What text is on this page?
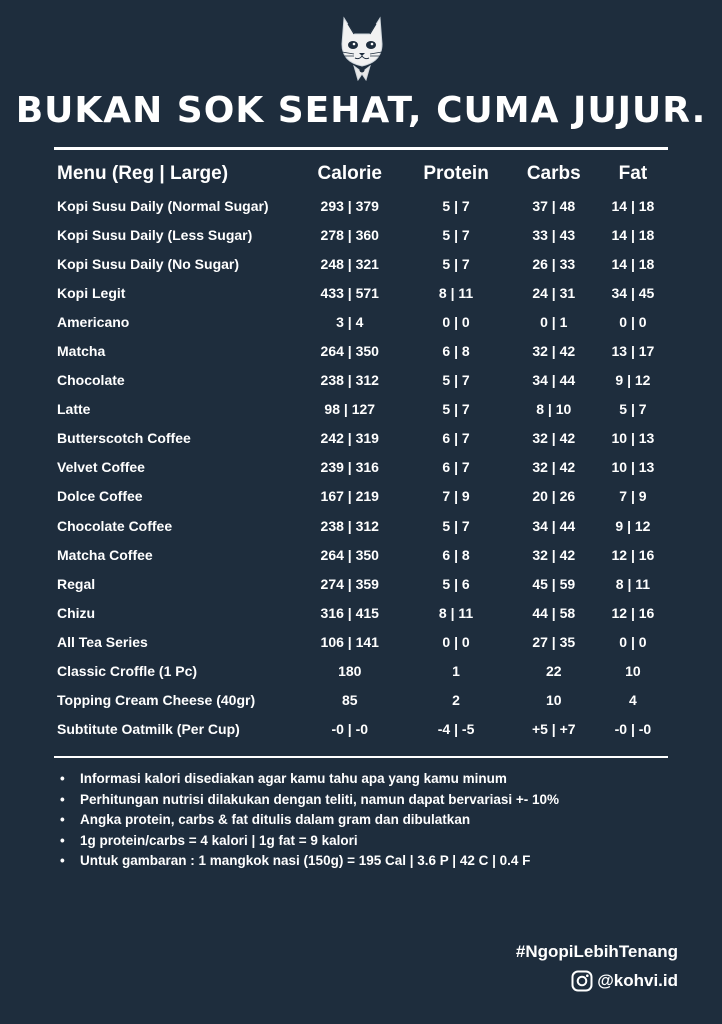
BUKAN SOK SEHAT, CUMA JUJUR.
Menu (Reg | Large)	Calorie	Protein	Carbs	Fat
Kopi Susu Daily (Normal Sugar)	293 | 379	5 | 7	37 | 48	14 | 18
Kopi Susu Daily (Less Sugar)	278 | 360	5 | 7	33 | 43	14 | 18
Kopi Susu Daily (No Sugar)	248 | 321	5 | 7	26 | 33	14 | 18
Kopi Legit	433 | 571	8 | 11	24 | 31	34 | 45
Americano	3 | 4	0 | 0	0 | 1	0 | 0
Matcha	264 | 350	6 | 8	32 | 42	13 | 17
Chocolate	238 | 312	5 | 7	34 | 44	9 | 12
Latte	98 | 127	5 | 7	8 | 10	5 | 7
Butterscotch Coffee	242 | 319	6 | 7	32 | 42	10 | 13
Velvet Coffee	239 | 316	6 | 7	32 | 42	10 | 13
Dolce Coffee	167 | 219	7 | 9	20 | 26	7 | 9
Chocolate Coffee	238 | 312	5 | 7	34 | 44	9 | 12
Matcha Coffee	264 | 350	6 | 8	32 | 42	12 | 16
Regal	274 | 359	5 | 6	45 | 59	8 | 11
Chizu	316 | 415	8 | 11	44 | 58	12 | 16
All Tea Series	106 | 141	0 | 0	27 | 35	0 | 0
Classic Croffle (1 Pc)	180	1	22	10
Topping Cream Cheese (40gr)	85	2	10	4
Subtitute Oatmilk (Per Cup)	-0 | -0	-4 | -5	+5 | +7	-0 | -0
• Informasi kalori disediakan agar kamu tahu apa yang kamu minum
• Perhitungan nutrisi dilakukan dengan teliti, namun dapat bervariasi +- 10%
• Angka protein, carbs & fat ditulis dalam gram dan dibulatkan
• 1g protein/carbs = 4 kalori | 1g fat = 9 kalori
• Untuk gambaran : 1 mangkok nasi (150g) = 195 Cal | 3.6 P | 42 C | 0.4 F
#NgopiLebihTenang
@kohvi.id
